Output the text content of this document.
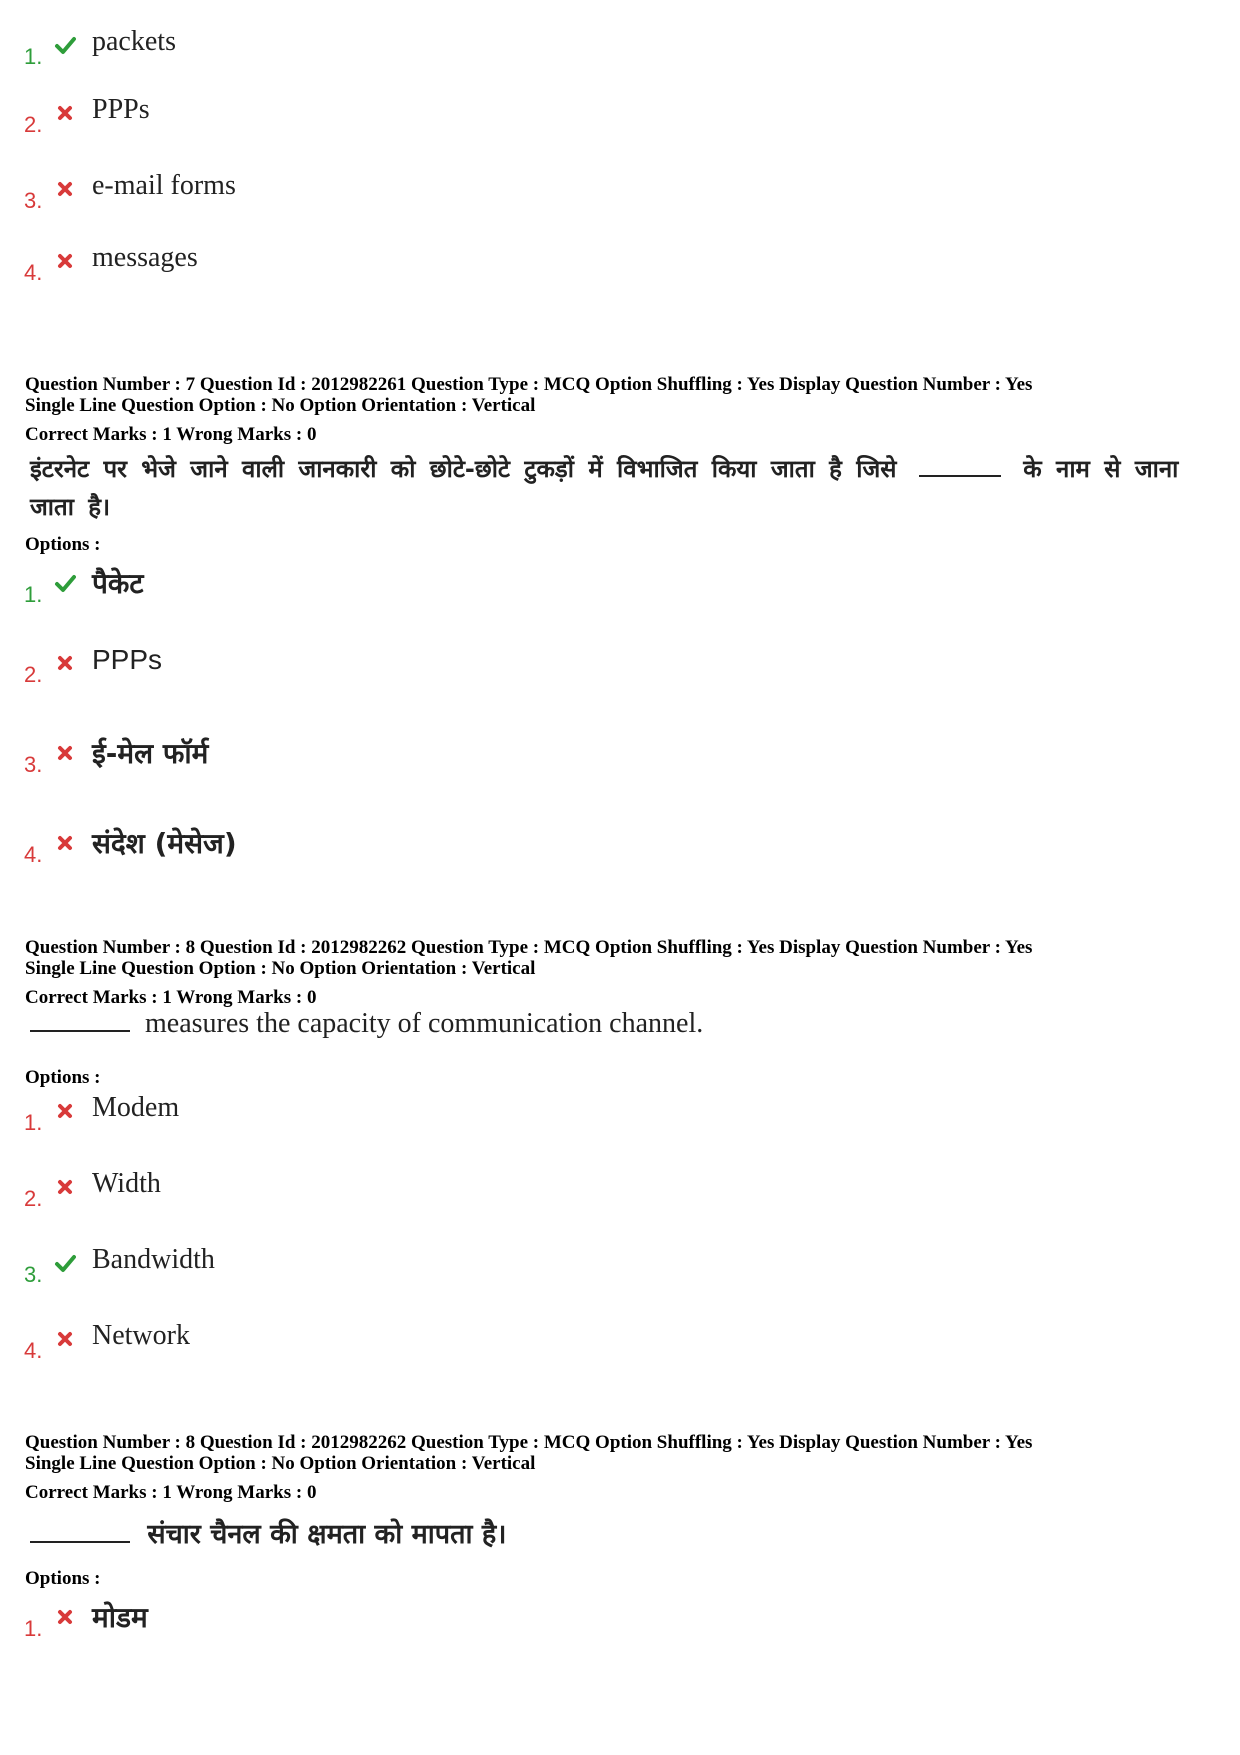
1. packets
2. PPPs
3. e-mail forms
4. messages
Question Number : 7 Question Id : 2012982261 Question Type : MCQ Option Shuffling : Yes Display Question Number : Yes
Single Line Question Option : No Option Orientation : Vertical
Correct Marks : 1 Wrong Marks : 0
इंटरनेट पर भेजे जाने वाली जानकारी को छोटे-छोटे टुकड़ों में विभाजित किया जाता है जिसे	के नाम से जाना जाता है।
Options :
1. पैकेट
2. PPPs
3. ई-मेल फॉर्म
4. संदेश (मेसेज)
Question Number : 8 Question Id : 2012982262 Question Type : MCQ Option Shuffling : Yes Display Question Number : Yes
Single Line Question Option : No Option Orientation : Vertical
Correct Marks : 1 Wrong Marks : 0
measures the capacity of communication channel.
Options :
1. Modem
2. Width
3. Bandwidth
4. Network
Question Number : 8 Question Id : 2012982262 Question Type : MCQ Option Shuffling : Yes Display Question Number : Yes
Single Line Question Option : No Option Orientation : Vertical
Correct Marks : 1 Wrong Marks : 0
संचार चैनल की क्षमता को मापता है।
Options :
1. मोडम
